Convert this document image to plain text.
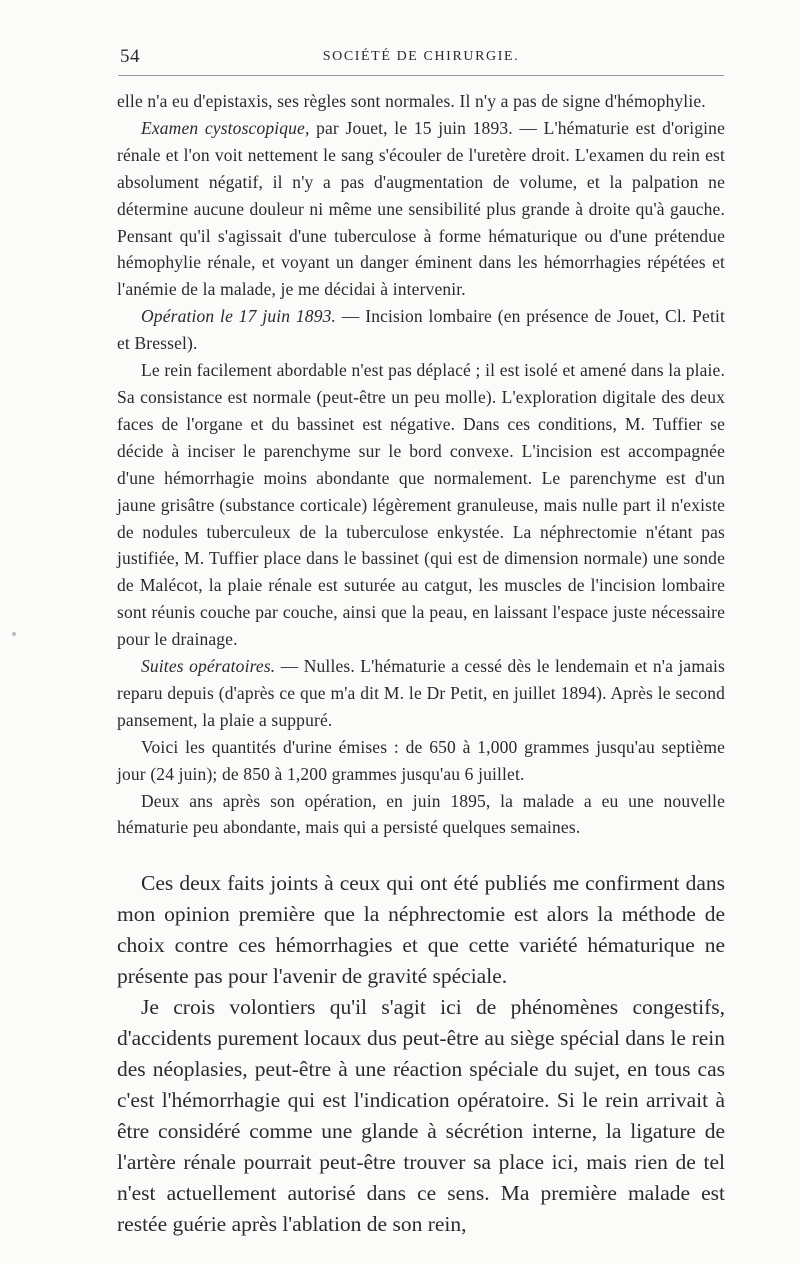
54	SOCIÉTÉ DE CHIRURGIE.

elle n'a eu d'epistaxis, ses règles sont normales. Il n'y a pas de signe d'hémophylie.

Examen cystoscopique, par Jouet, le 15 juin 1893. — L'hématurie est d'origine rénale et l'on voit nettement le sang s'écouler de l'uretère droit. L'examen du rein est absolument négatif, il n'y a pas d'augmentation de volume, et la palpation ne détermine aucune douleur ni même une sensibilité plus grande à droite qu'à gauche. Pensant qu'il s'agissait d'une tuberculose à forme hématurique ou d'une prétendue hémophylie rénale, et voyant un danger éminent dans les hémorrhagies répétées et l'anémie de la malade, je me décidai à intervenir.

Opération le 17 juin 1893. — Incision lombaire (en présence de Jouet, Cl. Petit et Bressel).

Le rein facilement abordable n'est pas déplacé ; il est isolé et amené dans la plaie. Sa consistance est normale (peut-être un peu molle). L'exploration digitale des deux faces de l'organe et du bassinet est négative. Dans ces conditions, M. Tuffier se décide à inciser le parenchyme sur le bord convexe. L'incision est accompagnée d'une hémorrhagie moins abondante que normalement. Le parenchyme est d'un jaune grisâtre (substance corticale) légèrement granuleuse, mais nulle part il n'existe de nodules tuberculeux de la tuberculose enkystée. La néphrectomie n'étant pas justifiée, M. Tuffier place dans le bassinet (qui est de dimension normale) une sonde de Malécot, la plaie rénale est suturée au catgut, les muscles de l'incision lombaire sont réunis couche par couche, ainsi que la peau, en laissant l'espace juste nécessaire pour le drainage.

Suites opératoires. — Nulles. L'hématurie a cessé dès le lendemain et n'a jamais reparu depuis (d'après ce que m'a dit M. le Dr Petit, en juillet 1894). Après le second pansement, la plaie a suppuré.

Voici les quantités d'urine émises : de 650 à 1,000 grammes jusqu'au septième jour (24 juin); de 850 à 1,200 grammes jusqu'au 6 juillet.

Deux ans après son opération, en juin 1895, la malade a eu une nouvelle hématurie peu abondante, mais qui a persisté quelques semaines.

Ces deux faits joints à ceux qui ont été publiés me confirment dans mon opinion première que la néphrectomie est alors la méthode de choix contre ces hémorrhagies et que cette variété hématurique ne présente pas pour l'avenir de gravité spéciale.

Je crois volontiers qu'il s'agit ici de phénomènes congestifs, d'accidents purement locaux dus peut-être au siège spécial dans le rein des néoplasies, peut-être à une réaction spéciale du sujet, en tous cas c'est l'hémorrhagie qui est l'indication opératoire. Si le rein arrivait à être considéré comme une glande à sécrétion interne, la ligature de l'artère rénale pourrait peut-être trouver sa place ici, mais rien de tel n'est actuellement autorisé dans ce sens. Ma première malade est restée guérie après l'ablation de son rein,
